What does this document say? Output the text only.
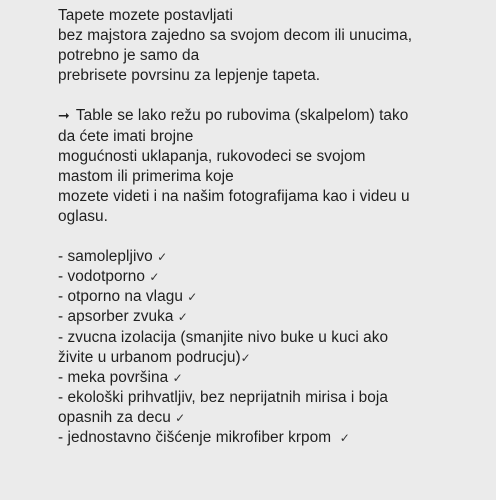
Tapete mozete postavljati
bez majstora zajedno sa svojom decom ili unucima,
potrebno je samo da
prebrisete povrsinu za lepjenje tapeta.

➞ Table se lako režu po rubovima (skalpelom) tako
da ćete imati brojne
mogućnosti uklapanja, rukovodeci se svojom
mastom ili primerima koje
mozete videti i na našim fotografijama kao i videu u
oglasu.

- samolepljivo ✓
- vodotporno ✓
- otporno na vlagu ✓
- apsorber zvuka ✓
- zvucna izolacija (smanjite nivo buke u kuci ako
živite u urbanom podrucju)✓
- meka površina ✓
- ekološki prihvatljiv, bez neprijatnih mirisa i boja
opasnih za decu ✓
- jednostavno čišćenje mikrofiber krpom ✓
